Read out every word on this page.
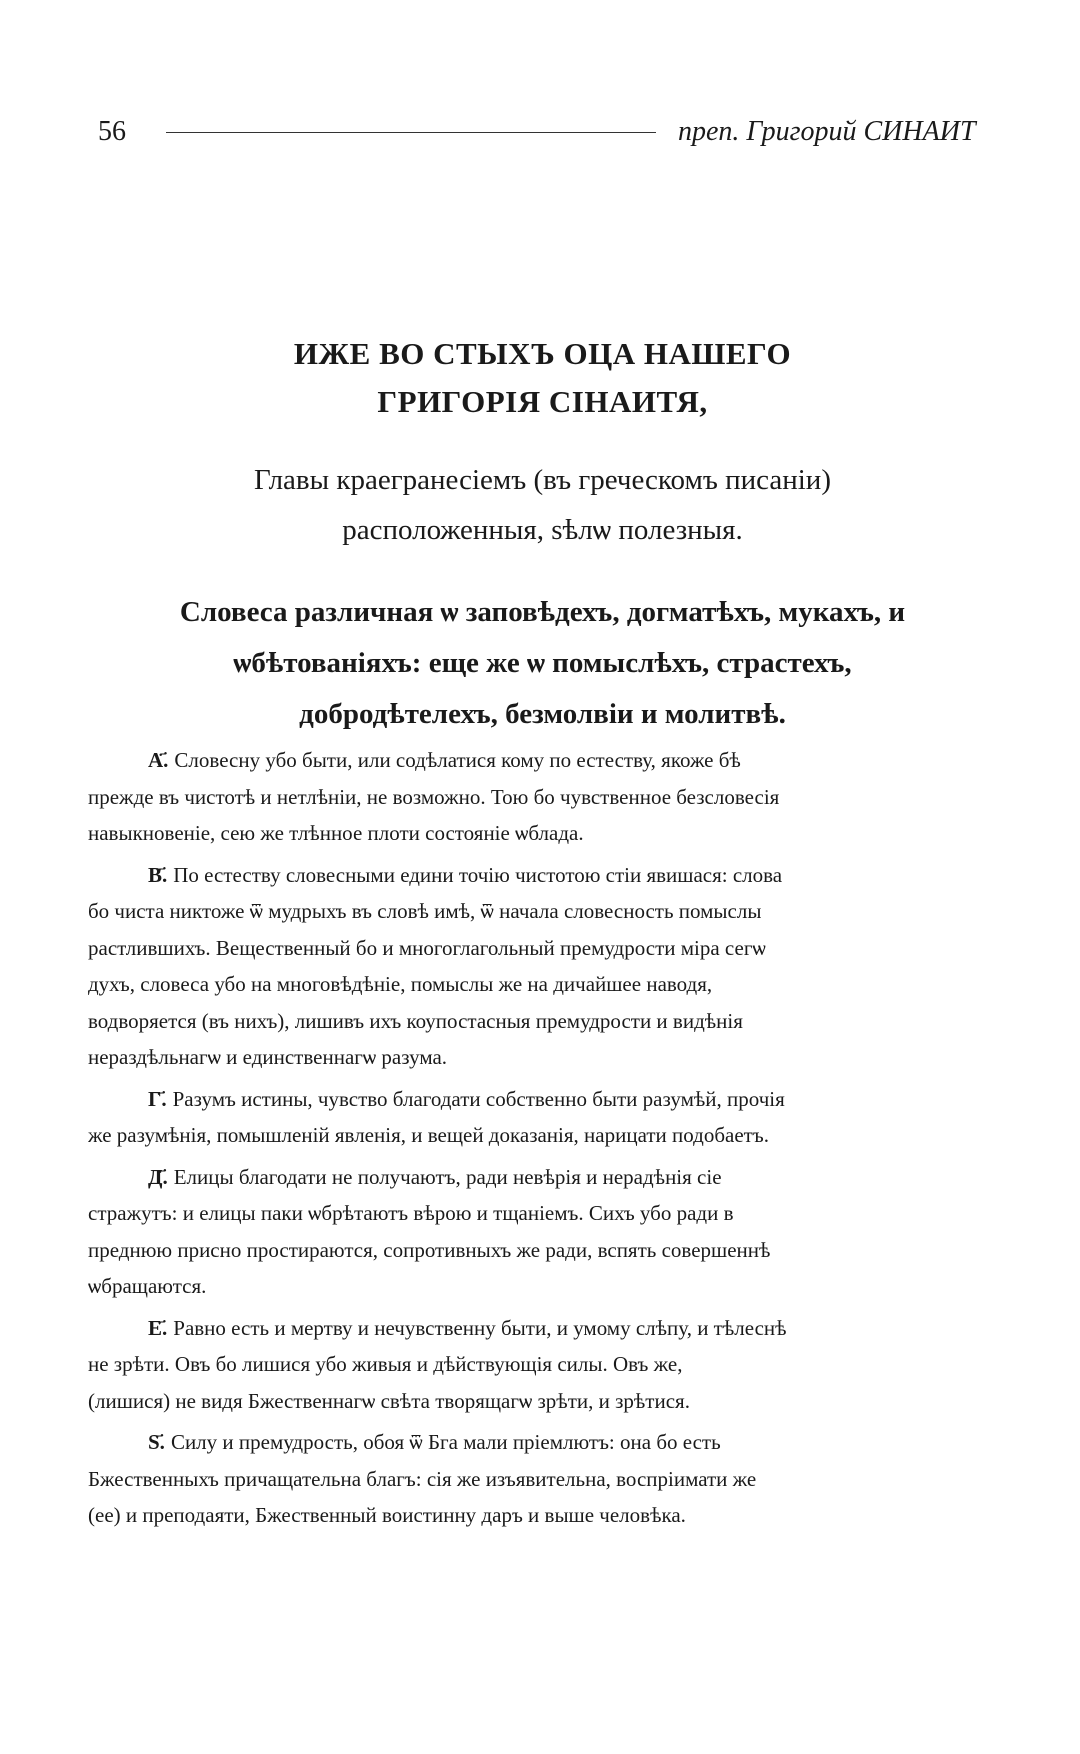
56	преп. Григорий СИНАИТ
ИЖЕ ВО СТЫХЪ ОЦА НАШЕГО
ГРИГОРІЯ СІНАИТЯ,
Главы краегранесіемъ (въ греческомъ писаніи)
расположенныя, sѣлѡ полезныя.
Словеса различная ѡ заповѣдехъ, догматѣхъ, мукахъ, и
ѡбѣтованіяхъ: еще же ѡ помыслѣхъ, страстехъ,
добродѣтелехъ, безмолвіи и молитвѣ.

А҃. Словесну убо быти, или содѣлатися кому по естеству, якоже бѣ
прежде въ чистотѣ и нетлѣніи, не возможно. Тою бо чувственное безсловесія
навыкновеніе, сею же тлѣнное плоти состояніе ѡблада.

В҃. По естеству словесными едини точію чистотою стіи явишася: слова
бо чиста никтоже ѿ мудрыхъ въ словѣ имѣ, ѿ начала словесность помыслы
растлившихъ. Вещественный бо и многоглагольный премудрости міра сегѡ
духъ, словеса убо на многовѣдѣніе, помыслы же на дичайшее наводя,
водворяется (въ нихъ), лишивъ ихъ коупостасныя премудрости и видѣнія
нераздѣльнагѡ и единственнагѡ разума.

Г҃. Разумъ истины, чувство благодати собственно быти разумѣй, прочія
же разумѣнія, помышленій явленія, и вещей доказанія, нарицати подобаетъ.

Д҃. Елицы благодати не получаютъ, ради невѣрія и нерадѣнія сіе
стражутъ: и елицы паки ѡбрѣтаютъ вѣрою и тщаніемъ. Сихъ убо ради в
преднюю присно простираются, сопротивныхъ же ради, вспять совершеннѣ
ѡбращаются.

Е҃. Равно есть и мертву и нечувственну быти, и умому слѣпу, и тѣлеснѣ
не зрѣти. Овъ бо лишися убо живыя и дѣйствующія силы. Овъ же,
(лишися) не видя Бжественнагѡ свѣта творящагѡ зрѣти, и зрѣтися.

S҃. Силу и премудрость, обоя ѿ Бга мали пріемлютъ: она бо есть
Бжественныхъ причащательна благъ: сія же изъявительна, воспріимати же
(ее) и преподаяти, Бжественный воистинну даръ и выше человѣка.
